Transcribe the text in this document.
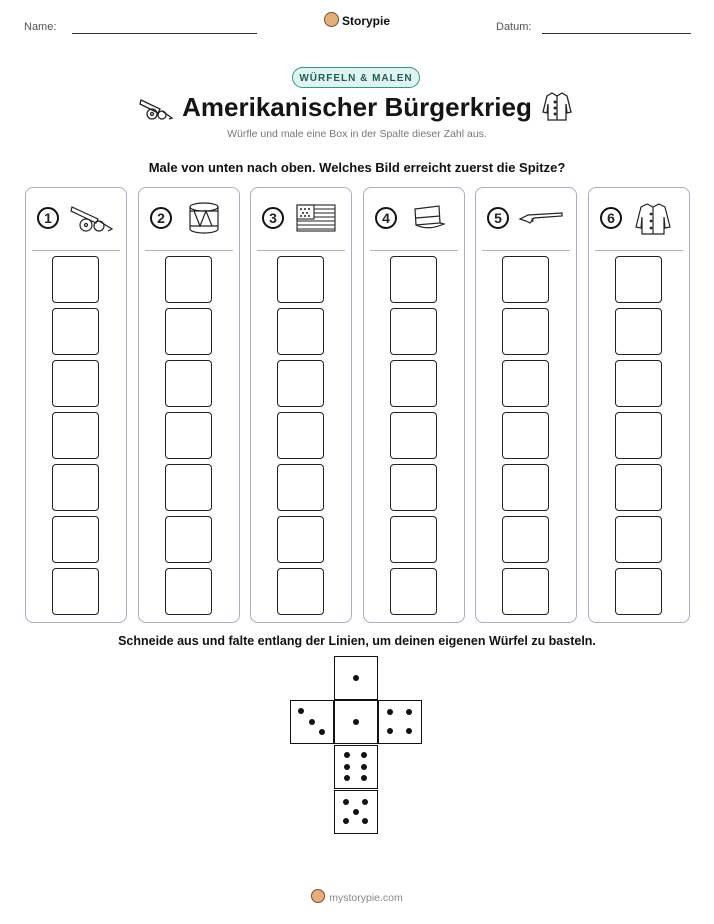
Name:	Storypie	Datum:
WÜRFELN & MALEN
Amerikanischer Bürgerkrieg
Würfle und male eine Box in der Spalte dieser Zahl aus.
Male von unten nach oben. Welches Bild erreicht zuerst die Spitze?
1	2	3	4	5	6
Schneide aus und falte entlang der Linien, um deinen eigenen Würfel zu basteln.
mystorypie.com
